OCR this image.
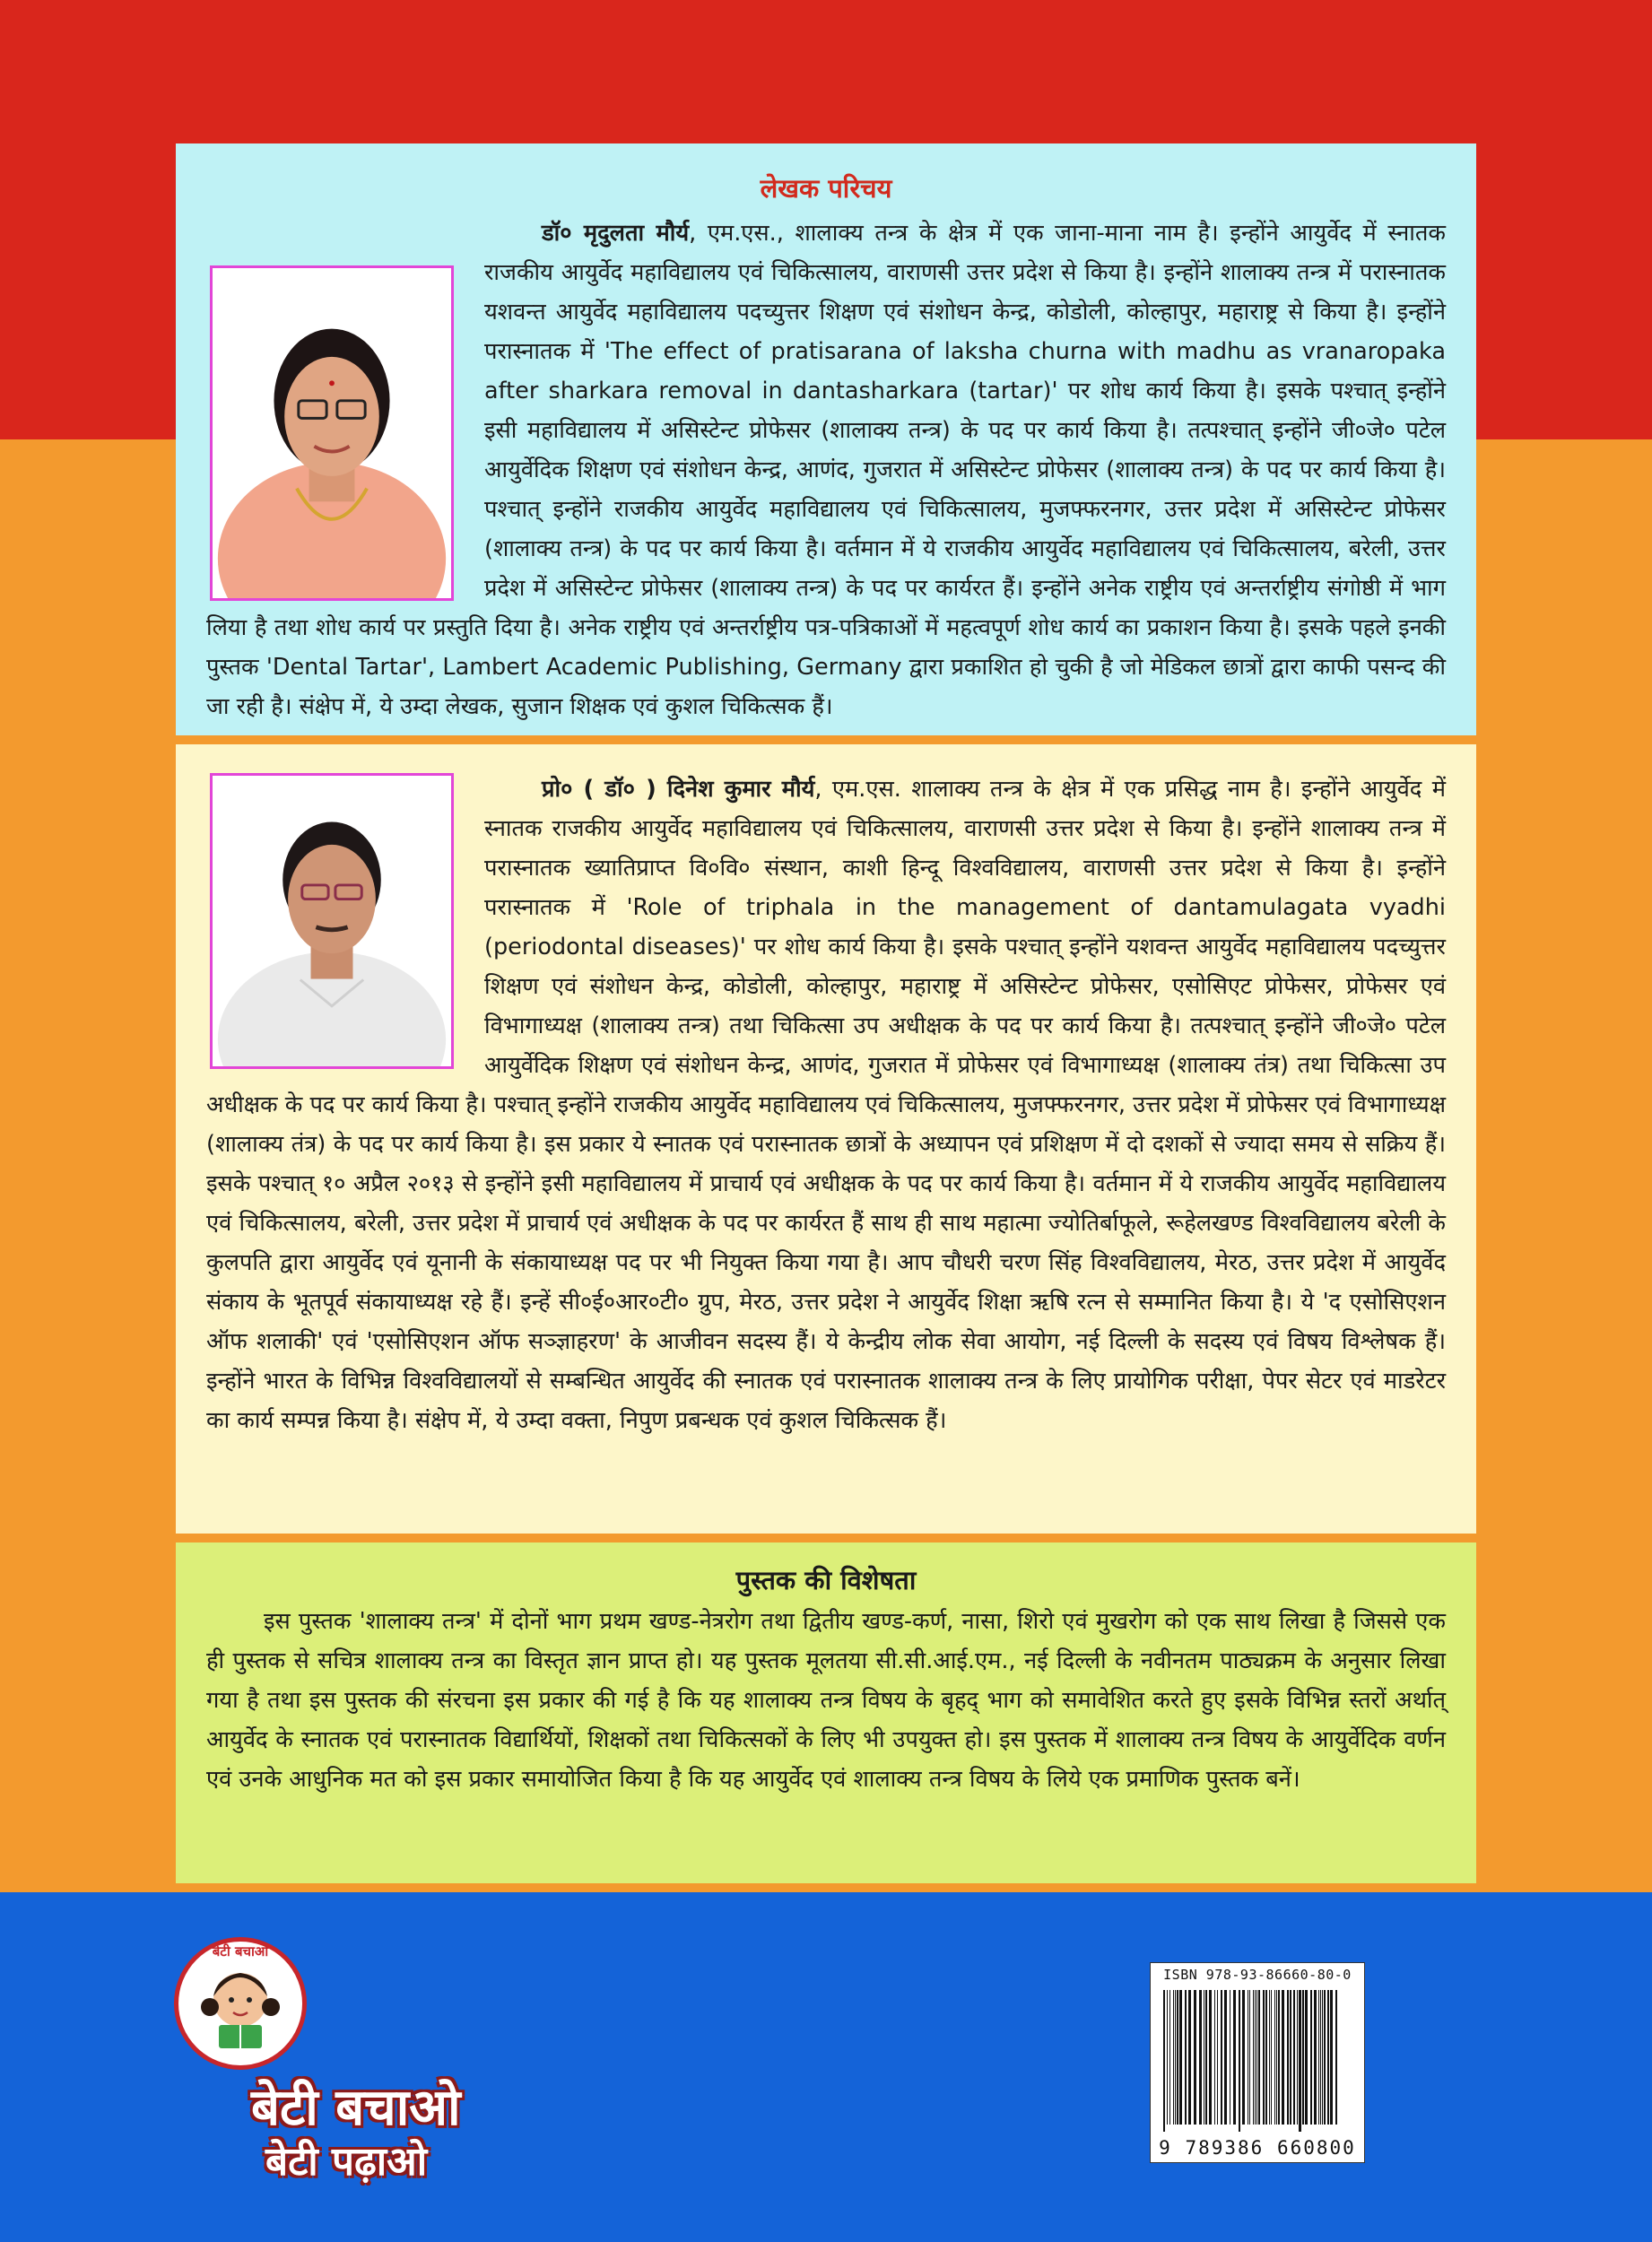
लेखक परिचय

डॉ० मृदुलता मौर्य, एम.एस., शालाक्य तन्त्र के क्षेत्र में एक जाना-माना नाम है। इन्होंने आयुर्वेद में स्नातक राजकीय आयुर्वेद महाविद्यालय एवं चिकित्सालय, वाराणसी उत्तर प्रदेश से किया है। इन्होंने शालाक्य तन्त्र में परास्नातक यशवन्त आयुर्वेद महाविद्यालय पदच्युत्तर शिक्षण एवं संशोधन केन्द्र, कोडोली, कोल्हापुर, महाराष्ट्र से किया है। इन्होंने परास्नातक में 'The effect of pratisarana of laksha churna with madhu as vranaropaka after sharkara removal in dantasharkara (tartar)' पर शोध कार्य किया है। इसके पश्चात् इन्होंने इसी महाविद्यालय में असिस्टेन्ट प्रोफेसर (शालाक्य तन्त्र) के पद पर कार्य किया है। तत्पश्चात् इन्होंने जी०जे० पटेल आयुर्वेदिक शिक्षण एवं संशोधन केन्द्र, आणंद, गुजरात में असिस्टेन्ट प्रोफेसर (शालाक्य तन्त्र) के पद पर कार्य किया है। पश्चात् इन्होंने राजकीय आयुर्वेद महाविद्यालय एवं चिकित्सालय, मुजफ्फरनगर, उत्तर प्रदेश में असिस्टेन्ट प्रोफेसर (शालाक्य तन्त्र) के पद पर कार्य किया है। वर्तमान में ये राजकीय आयुर्वेद महाविद्यालय एवं चिकित्सालय, बरेली, उत्तर प्रदेश में असिस्टेन्ट प्रोफेसर (शालाक्य तन्त्र) के पद पर कार्यरत हैं। इन्होंने अनेक राष्ट्रीय एवं अन्तर्राष्ट्रीय संगोष्ठी में भाग लिया है तथा शोध कार्य पर प्रस्तुति दिया है। अनेक राष्ट्रीय एवं अन्तर्राष्ट्रीय पत्र-पत्रिकाओं में महत्वपूर्ण शोध कार्य का प्रकाशन किया है। इसके पहले इनकी पुस्तक 'Dental Tartar', Lambert Academic Publishing, Germany द्वारा प्रकाशित हो चुकी है जो मेडिकल छात्रों द्वारा काफी पसन्द की जा रही है। संक्षेप में, ये उम्दा लेखक, सुजान शिक्षक एवं कुशल चिकित्सक हैं।

प्रो० ( डॉ० ) दिनेश कुमार मौर्य, एम.एस. शालाक्य तन्त्र के क्षेत्र में एक प्रसिद्ध नाम है। इन्होंने आयुर्वेद में स्नातक राजकीय आयुर्वेद महाविद्यालय एवं चिकित्सालय, वाराणसी उत्तर प्रदेश से किया है। इन्होंने शालाक्य तन्त्र में परास्नातक ख्यातिप्राप्त वि०वि० संस्थान, काशी हिन्दू विश्वविद्यालय, वाराणसी उत्तर प्रदेश से किया है। इन्होंने परास्नातक में 'Role of triphala in the management of dantamulagata vyadhi (periodontal diseases)' पर शोध कार्य किया है। इसके पश्चात् इन्होंने यशवन्त आयुर्वेद महाविद्यालय पदच्युत्तर शिक्षण एवं संशोधन केन्द्र, कोडोली, कोल्हापुर, महाराष्ट्र में असिस्टेन्ट प्रोफेसर, एसोसिएट प्रोफेसर, प्रोफेसर एवं विभागाध्यक्ष (शालाक्य तन्त्र) तथा चिकित्सा उप अधीक्षक के पद पर कार्य किया है। तत्पश्चात् इन्होंने जी०जे० पटेल आयुर्वेदिक शिक्षण एवं संशोधन केन्द्र, आणंद, गुजरात में प्रोफेसर एवं विभागाध्यक्ष (शालाक्य तंत्र) तथा चिकित्सा उप अधीक्षक के पद पर कार्य किया है। पश्चात् इन्होंने राजकीय आयुर्वेद महाविद्यालय एवं चिकित्सालय, मुजफ्फरनगर, उत्तर प्रदेश में प्रोफेसर एवं विभागाध्यक्ष (शालाक्य तंत्र) के पद पर कार्य किया है। इस प्रकार ये स्नातक एवं परास्नातक छात्रों के अध्यापन एवं प्रशिक्षण में दो दशकों से ज्यादा समय से सक्रिय हैं। इसके पश्चात् १० अप्रैल २०१३ से इन्होंने इसी महाविद्यालय में प्राचार्य एवं अधीक्षक के पद पर कार्य किया है। वर्तमान में ये राजकीय आयुर्वेद महाविद्यालय एवं चिकित्सालय, बरेली, उत्तर प्रदेश में प्राचार्य एवं अधीक्षक के पद पर कार्यरत हैं साथ ही साथ महात्मा ज्योतिर्बाफूले, रूहेलखण्ड विश्वविद्यालय बरेली के कुलपति द्वारा आयुर्वेद एवं यूनानी के संकायाध्यक्ष पद पर भी नियुक्त किया गया है। आप चौधरी चरण सिंह विश्वविद्यालय, मेरठ, उत्तर प्रदेश में आयुर्वेद संकाय के भूतपूर्व संकायाध्यक्ष रहे हैं। इन्हें सी०ई०आर०टी० ग्रुप, मेरठ, उत्तर प्रदेश ने आयुर्वेद शिक्षा ऋषि रत्न से सम्मानित किया है। ये 'द एसोसिएशन ऑफ शलाकी' एवं 'एसोसिएशन ऑफ सञ्ज्ञाहरण' के आजीवन सदस्य हैं। ये केन्द्रीय लोक सेवा आयोग, नई दिल्ली के सदस्य एवं विषय विश्लेषक हैं। इन्होंने भारत के विभिन्न विश्वविद्यालयों से सम्बन्धित आयुर्वेद की स्नातक एवं परास्नातक शालाक्य तन्त्र के लिए प्रायोगिक परीक्षा, पेपर सेटर एवं माडरेटर का कार्य सम्पन्न किया है। संक्षेप में, ये उम्दा वक्ता, निपुण प्रबन्धक एवं कुशल चिकित्सक हैं।

पुस्तक की विशेषता

इस पुस्तक 'शालाक्य तन्त्र' में दोनों भाग प्रथम खण्ड-नेत्ररोग तथा द्वितीय खण्ड-कर्ण, नासा, शिरो एवं मुखरोग को एक साथ लिखा है जिससे एक ही पुस्तक से सचित्र शालाक्य तन्त्र का विस्तृत ज्ञान प्राप्त हो। यह पुस्तक मूलतया सी.सी.आई.एम., नई दिल्ली के नवीनतम पाठ्यक्रम के अनुसार लिखा गया है तथा इस पुस्तक की संरचना इस प्रकार की गई है कि यह शालाक्य तन्त्र विषय के बृहद् भाग को समावेशित करते हुए इसके विभिन्न स्तरों अर्थात् आयुर्वेद के स्नातक एवं परास्नातक विद्यार्थियों, शिक्षकों तथा चिकित्सकों के लिए भी उपयुक्त हो। इस पुस्तक में शालाक्य तन्त्र विषय के आयुर्वेदिक वर्णन एवं उनके आधुनिक मत को इस प्रकार समायोजित किया है कि यह आयुर्वेद एवं शालाक्य तन्त्र विषय के लिये एक प्रमाणिक पुस्तक बनें।

बेटी बचाओ
बेटी बचाओ
बेटी पढ़ाओ
ISBN 978-93-86660-80-0
9 789386 660800
